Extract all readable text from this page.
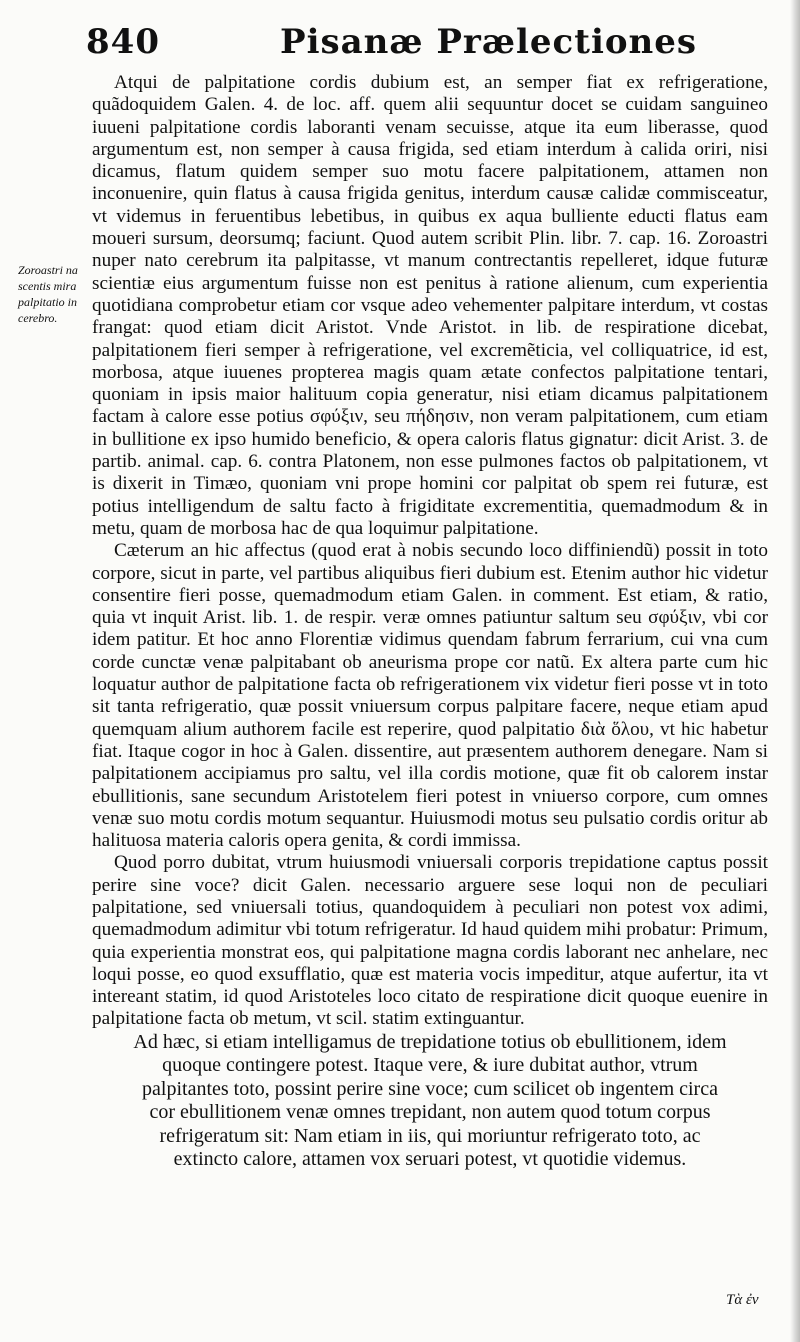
840	Pisanæ Prælectiones
Zoroastri na scentis mira palpitatio in cerebro.

Atqui de palpitatione cordis dubium est, an semper fiat ex refrigeratione, quãdoquidem Galen. 4. de loc. aff. quem alii sequuntur docet se cuidam sanguineo iuueni palpitatione cordis laboranti venam secuisse, atque ita eum liberasse, quod argumentum est, non semper à causa frigida, sed etiam interdum à calida oriri, nisi dicamus, flatum quidem semper suo motu facere palpitationem, attamen non inconuenire, quin flatus à causa frigida genitus, interdum causæ calidæ commisceatur, vt videmus in feruentibus lebetibus, in quibus ex aqua bulliente educti flatus eam moueri sursum, deorsumq; faciunt. Quod autem scribit Plin. libr. 7. cap. 16. Zoroastri nuper nato cerebrum ita palpitasse, vt manum contrectantis repelleret, idque futuræ scientiæ eius argumentum fuisse non est penitus à ratione alienum, cum experientia quotidiana comprobetur etiam cor vsque adeo vehementer palpitare interdum, vt costas frangat: quod etiam dicit Aristot. Vnde Aristot. in lib. de respiratione dicebat, palpitationem fieri semper à refrigeratione, vel excremẽticia, vel colliquatrice, id est, morbosa, atque iuuenes propterea magis quam ætate confectos palpitatione tentari, quoniam in ipsis maior halituum copia generatur, nisi etiam dicamus palpitationem factam à calore esse potius σφύξιν, seu πήδησιν, non veram palpitationem, cum etiam in bullitione ex ipso humido beneficio, & opera caloris flatus gignatur: dicit Arist. 3. de partib. animal. cap. 6. contra Platonem, non esse pulmones factos ob palpitationem, vt is dixerit in Timæo, quoniam vni prope homini cor palpitat ob spem rei futuræ, est potius intelligendum de saltu facto à frigiditate excrementitia, quemadmodum & in metu, quam de morbosa hac de qua loquimur palpitatione.

Cæterum an hic affectus (quod erat à nobis secundo loco diffiniendũ) possit in toto corpore, sicut in parte, vel partibus aliquibus fieri dubium est. Etenim author hic videtur consentire fieri posse, quemadmodum etiam Galen. in comment. Est etiam, & ratio, quia vt inquit Arist. lib. 1. de respir. veræ omnes patiuntur saltum seu σφύξιν, vbi cor idem patitur. Et hoc anno Florentiæ vidimus quendam fabrum ferrarium, cui vna cum corde cunctæ venæ palpitabant ob aneurisma prope cor natũ. Ex altera parte cum hic loquatur author de palpitatione facta ob refrigerationem vix videtur fieri posse vt in toto sit tanta refrigeratio, quæ possit vniuersum corpus palpitare facere, neque etiam apud quemquam alium authorem facile est reperire, quod palpitatio διὰ ὅλου, vt hic habetur fiat. Itaque cogor in hoc à Galen. dissentire, aut præsentem authorem denegare. Nam si palpitationem accipiamus pro saltu, vel illa cordis motione, quæ fit ob calorem instar ebullitionis, sane secundum Aristotelem fieri potest in vniuerso corpore, cum omnes venæ suo motu cordis motum sequantur. Huiusmodi motus seu pulsatio cordis oritur ab halituosa materia caloris opera genita, & cordi immissa.

Quod porro dubitat, vtrum huiusmodi vniuersali corporis trepidatione captus possit perire sine voce? dicit Galen. necessario arguere sese loqui non de peculiari palpitatione, sed vniuersali totius, quandoquidem à peculiari non potest vox adimi, quemadmodum adimitur vbi totum refrigeratur. Id haud quidem mihi probatur: Primum, quia experientia monstrat eos, qui palpitatione magna cordis laborant nec anhelare, nec loqui posse, eo quod exsufflatio, quæ est materia vocis impeditur, atque aufertur, ita vt intereant statim, id quod Aristoteles loco citato de respiratione dicit quoque euenire in palpitatione facta ob metum, vt scil. statim extinguantur.

Ad hæc, si etiam intelligamus de trepidatione totius ob ebullitionem, idem quoque contingere potest. Itaque vere, & iure dubitat author, vtrum palpitantes toto, possint perire sine voce; cum scilicet ob ingentem circa cor ebullitionem venæ omnes trepidant, non autem quod totum corpus refrigeratum sit: Nam etiam in iis, qui moriuntur refrigerato toto, ac extincto calore, attamen vox seruari potest, vt quotidie videmus.

Τὰ ἐν
